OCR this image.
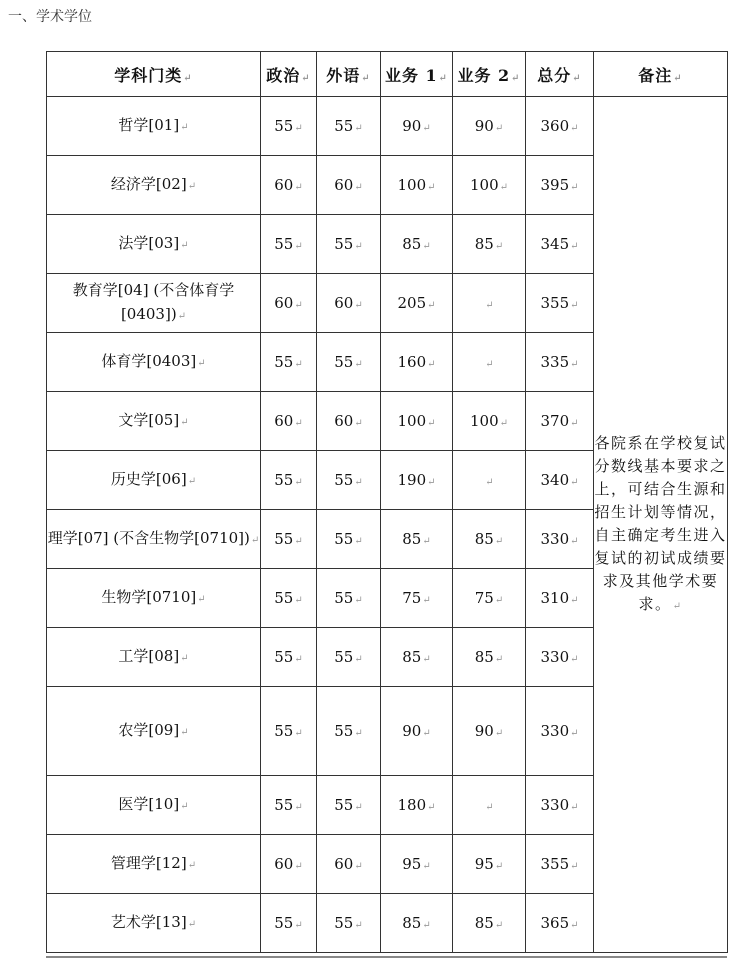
一、学术学位
学科门类↵	政治↵	外语↵	业务 1↵	业务 2↵	总分↵	备注↵
哲学[01]↵	55↵	55↵	90↵	90↵	360↵	各院系在学校复试分数线基本要求之上，可结合生源和招生计划等情况，自主确定考生进入复试的初试成绩要求及其他学术要求。↵
经济学[02]↵	60↵	60↵	100↵	100↵	395↵	
法学[03]↵	55↵	55↵	85↵	85↵	345↵	
教育学[04] (不含体育学[0403])↵	60↵	60↵	205↵	↵	355↵	
体育学[0403]↵	55↵	55↵	160↵	↵	335↵	
文学[05]↵	60↵	60↵	100↵	100↵	370↵	
历史学[06]↵	55↵	55↵	190↵	↵	340↵	
理学[07] (不含生物学[0710])↵	55↵	55↵	85↵	85↵	330↵	
生物学[0710]↵	55↵	55↵	75↵	75↵	310↵	
工学[08]↵	55↵	55↵	85↵	85↵	330↵	
农学[09]↵	55↵	55↵	90↵	90↵	330↵	
医学[10]↵	55↵	55↵	180↵	↵	330↵	
管理学[12]↵	60↵	60↵	95↵	95↵	355↵	
艺术学[13]↵	55↵	55↵	85↵	85↵	365↵	
